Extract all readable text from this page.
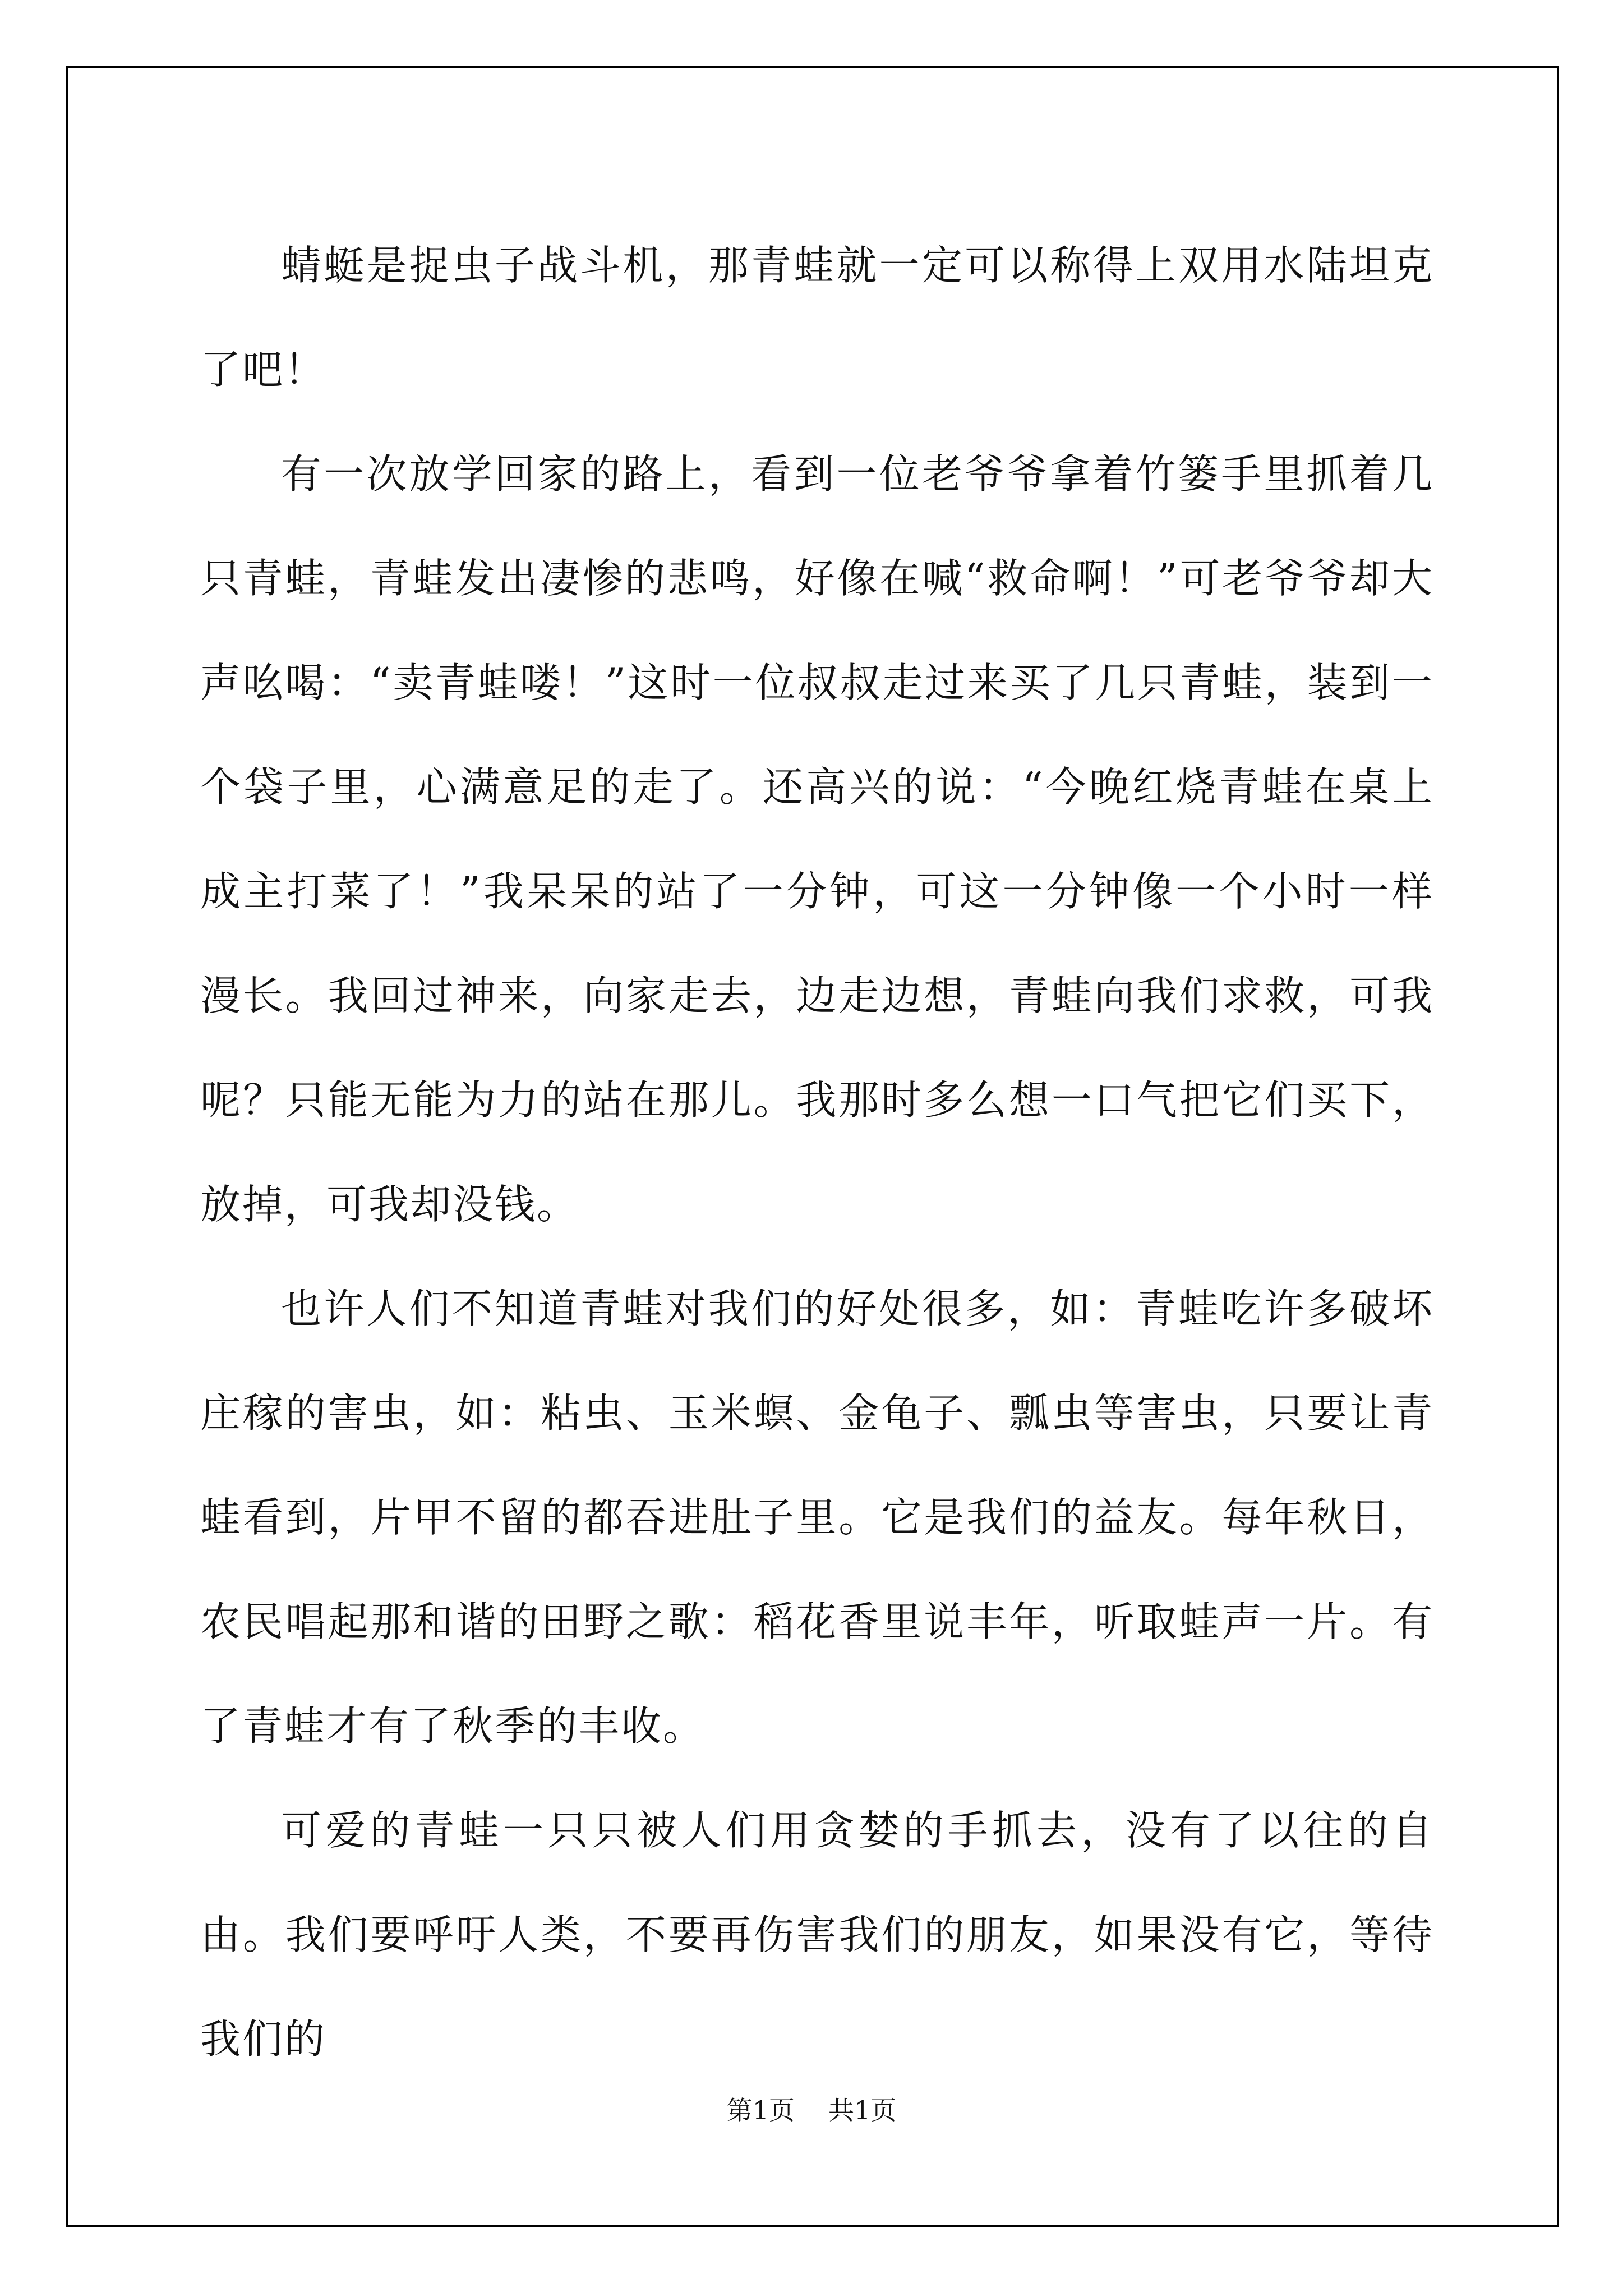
蜻蜓是捉虫子战斗机，那青蛙就一定可以称得上双用水陆坦克了吧！

有一次放学回家的路上，看到一位老爷爷拿着竹篓手里抓着几只青蛙，青蛙发出凄惨的悲鸣，好像在喊“救命啊！”可老爷爷却大声吆喝：“卖青蛙喽！”这时一位叔叔走过来买了几只青蛙，装到一个袋子里，心满意足的走了。还高兴的说：“今晚红烧青蛙在桌上成主打菜了！”我呆呆的站了一分钟，可这一分钟像一个小时一样漫长。我回过神来，向家走去，边走边想，青蛙向我们求救，可我呢？只能无能为力的站在那儿。我那时多么想一口气把它们买下，放掉，可我却没钱。

也许人们不知道青蛙对我们的好处很多，如：青蛙吃许多破坏庄稼的害虫，如：粘虫、玉米螟、金龟子、瓢虫等害虫，只要让青蛙看到，片甲不留的都吞进肚子里。它是我们的益友。每年秋日，农民唱起那和谐的田野之歌：稻花香里说丰年，听取蛙声一片。有了青蛙才有了秋季的丰收。

可爱的青蛙一只只被人们用贪婪的手抓去，没有了以往的自由。我们要呼吁人类，不要再伤害我们的朋友，如果没有它，等待我们的

第1页 共1页
